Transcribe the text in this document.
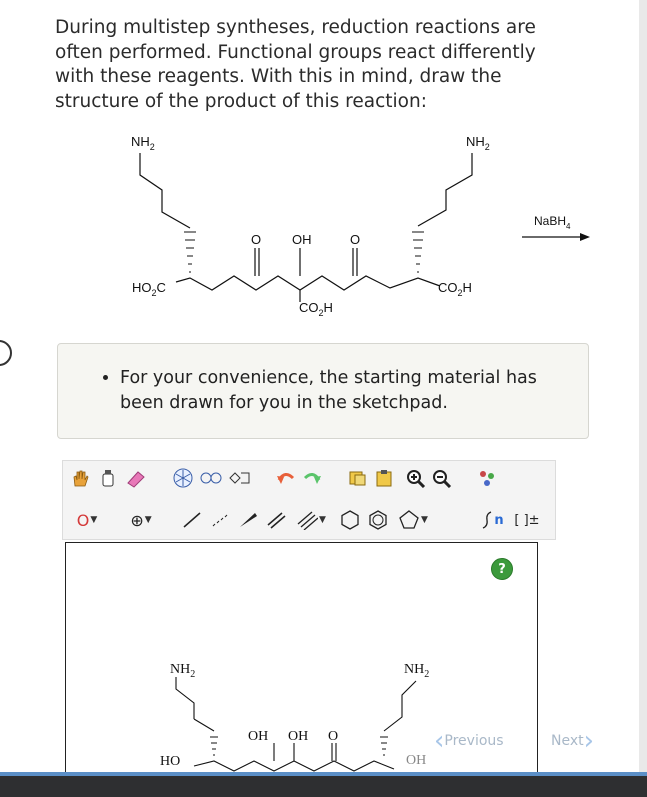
During multistep syntheses, reduction reactions are often performed. Functional groups react differently with these reagents. With this in mind, draw the structure of the product of this reaction:
$NH_2$	$NH_2$
$HO_2C$
OH
O	O
$CO_2H$
$CO_2H$
NaBH$_4$
• For your convenience, the starting material has been drawn for you in the sketchpad.
O ▼ ⊕ ▼	▼	▼	n [ ]±
$NH_2$	$NH_2$
HO
OH OH O
OH
?
‹ Previous	Next ›
